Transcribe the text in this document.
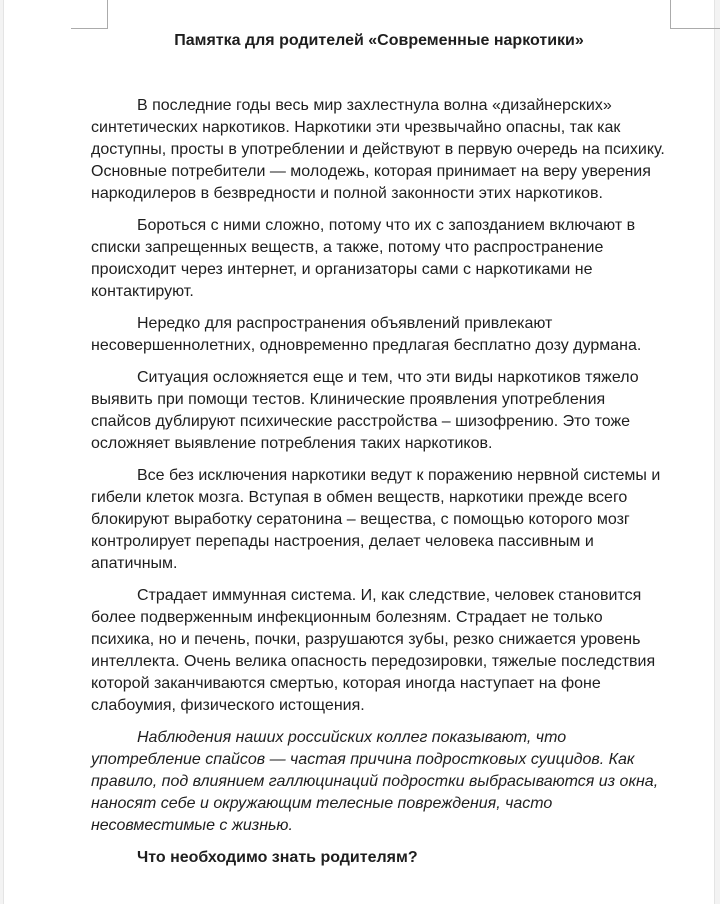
Памятка для родителей «Современные наркотики»

В последние годы весь мир захлестнула волна «дизайнерских» синтетических наркотиков. Наркотики эти чрезвычайно опасны, так как доступны, просты в употреблении и действуют в первую очередь на психику. Основные потребители — молодежь, которая принимает на веру уверения наркодилеров в безвредности и полной законности этих наркотиков.

Бороться с ними сложно, потому что их с запозданием включают в списки запрещенных веществ, а также, потому что распространение происходит через интернет, и организаторы сами с наркотиками не контактируют.

Нередко для распространения объявлений привлекают несовершеннолетних, одновременно предлагая бесплатно дозу дурмана.

Ситуация осложняется еще и тем, что эти виды наркотиков тяжело выявить при помощи тестов. Клинические проявления употребления спайсов дублируют психические расстройства – шизофрению. Это тоже осложняет выявление потребления таких наркотиков.

Все без исключения наркотики ведут к поражению нервной системы и гибели клеток мозга. Вступая в обмен веществ, наркотики прежде всего блокируют выработку сератонина – вещества, с помощью которого мозг контролирует перепады настроения, делает человека пассивным и апатичным.

Страдает иммунная система. И, как следствие, человек становится более подверженным инфекционным болезням. Страдает не только психика, но и печень, почки, разрушаются зубы, резко снижается уровень интеллекта. Очень велика опасность передозировки, тяжелые последствия которой заканчиваются смертью, которая иногда наступает на фоне слабоумия, физического истощения.

Наблюдения наших российских коллег показывают, что употребление спайсов — частая причина подростковых суицидов. Как правило, под влиянием галлюцинаций подростки выбрасываются из окна, наносят себе и окружающим телесные повреждения, часто несовместимые с жизнью.

Что необходимо знать родителям?
